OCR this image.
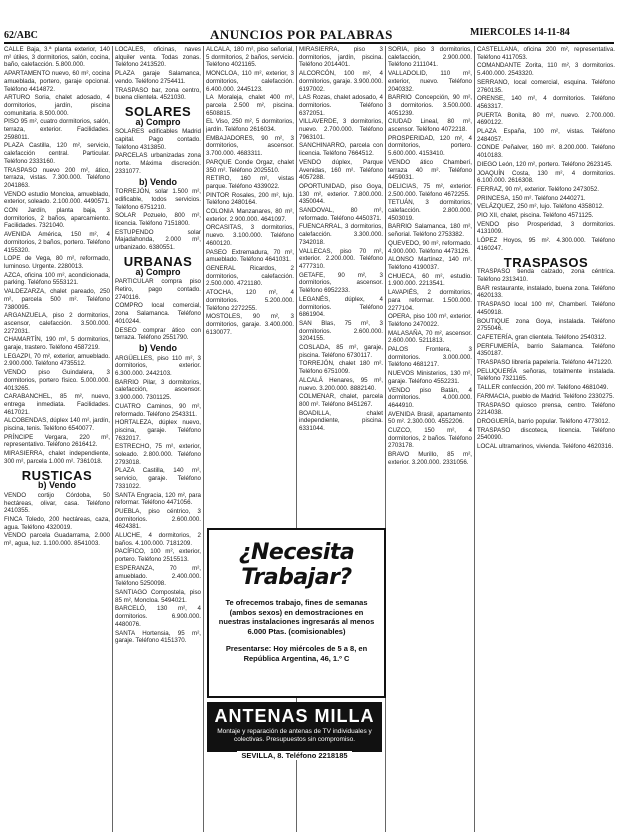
62/ABC	ANUNCIOS POR PALABRAS	MIERCOLES 14-11-84

CALLE Baja, 3.ª planta exterior, 140 m² útiles, 3 dormitorios, salón, cocina, baño, calefacción. 5.800.000.

APARTAMENTO nuevo, 60 m², cocina amueblada, portero, garaje opcional. Teléfono 4414872.

ARTURO Soria, chalet adosado, 4 dormitorios, jardín, piscina comunitaria. 8.500.000.

PISO 95 m², cuatro dormitorios, salón, terraza, exterior. Facilidades. 2598011.

PLAZA Castilla, 120 m², servicio, calefacción central. Particular. Teléfono 2333160.

TRASPASO nuevo 200 m², ático, terraza, vistas. 7.300.000. Teléfono 2041863.

VENDO estudio Moncloa, amueblado, exterior, soleado. 2.100.000. 4490571.

CON Jardín, planta baja, 3 dormitorios, 2 baños, aparcamiento. Facilidades. 7321040.

AVENIDA América, 150 m², 4 dormitorios, 2 baños, portero. Teléfono 4155320.

LOPE de Vega, 80 m², reformado, luminoso. Urgente. 2280013.

AZCA, oficina 100 m², acondicionada, parking. Teléfono 5553121.

VALDEZARZA, chalet pareado, 250 m², parcela 500 m². Teléfono 7380095.

ARGANZUELA, piso 2 dormitorios, ascensor, calefacción. 3.500.000. 2272031.

CHAMARTÍN, 190 m², 5 dormitorios, garaje, trastero. Teléfono 4587219.

LEGAZPI, 70 m², exterior, amueblado. 2.900.000. Teléfono 4735512.

VENDO piso Guindalera, 3 dormitorios, portero físico. 5.000.000. 4013265.

CARABANCHEL, 85 m², nuevo, entrega inmediata. Facilidades. 4617021.

ALCOBENDAS, dúplex 140 m², jardín, piscina, tenis. Teléfono 6540077.

PRÍNCIPE Vergara, 220 m², representativo. Teléfono 2616412.

MIRASIERRA, chalet independiente, 300 m², parcela 1.000 m². 7361018.

RUSTICAS
b) Vendo

VENDO cortijo Córdoba, 50 hectáreas, olivar, casa. Teléfono 2410355.

FINCA Toledo, 200 hectáreas, caza, agua. Teléfono 4320019.

VENDO parcela Guadarrama, 2.000 m², agua, luz. 1.100.000. 8541003.

LOCALES, oficinas, naves alquiler venta. Todas zonas. Teléfono 2413520.

PLAZA garaje Salamanca, vendo. Teléfono 2754411.

TRASPASO bar, zona centro, buena clientela. 4521030.

SOLARES
a) Compro

SOLARES edificables Madrid capital. Pago contado. Teléfono 4313850.

PARCELAS urbanizadas zona norte. Máxima discreción. 2331077.

b) Vendo

TORREJÓN, solar 1.500 m², edificable, todos servicios. Teléfono 6751210.

SOLAR Pozuelo, 800 m², licencia. Teléfono 7151800.

ESTUPENDO solar Majadahonda, 2.000 m², urbanizado. 6380551.

URBANAS
a) Compro

PARTICULAR compra piso Retiro, pago contado. 2740116.

COMPRO local comercial, zona Salamanca. Teléfono 4010244.

DESEO comprar ático con terraza. Teléfono 2551790.

b) Vendo

ARGÜELLES, piso 110 m², 3 dormitorios, exterior. 6.300.000. 2442103.

BARRIO Pilar, 3 dormitorios, calefacción, ascensor. 3.900.000. 7301125.

CUATRO Caminos, 90 m², reformado. Teléfono 2543311.

HORTALEZA, dúplex nuevo, piscina, garaje. Teléfono 7632017.

ESTRECHO, 75 m², exterior, soleado. 2.800.000. Teléfono 2793018.

PLAZA Castilla, 140 m², servicio, garaje. Teléfono 7331022.

SANTA Engracia, 120 m², para reformar. Teléfono 4471056.

PUEBLA, piso céntrico, 3 dormitorios. 2.600.000. 4624381.

ALUCHE, 4 dormitorios, 2 baños. 4.100.000. 7181209.

PACÍFICO, 100 m², exterior, portero. Teléfono 2515513.

ESPERANZA, 70 m², amueblado. 2.400.000. Teléfono 5250098.

SANTIAGO Compostela, piso 85 m², Moncloa. 5494021.

BARCELÓ, 130 m², 4 dormitorios. 6.900.000. 4480076.

SANTA Hortensia, 95 m², garaje. Teléfono 4151370.

ALCALÁ, 180 m², piso señorial, 5 dormitorios, 2 baños, servicio. Teléfono 4021165.

MONCLOA, 110 m², exterior, 3 dormitorios, calefacción. 6.400.000. 2445123.

LA Moraleja, chalet 400 m², parcela 2.500 m², piscina. 6508815.

EL Viso, 250 m², 5 dormitorios, jardín. Teléfono 2616034.

EMBAJADORES, 90 m², 3 dormitorios, ascensor. 3.700.000. 4683311.

PARQUE Conde Orgaz, chalet 350 m². Teléfono 2025510.

RETIRO, 160 m², vistas parque. Teléfono 4339022.

PINTOR Rosales, 200 m², lujo. Teléfono 2480164.

COLONIA Manzanares, 80 m², exterior. 2.900.000. 4641097.

ORCASITAS, 3 dormitorios, nuevo. 3.100.000. Teléfono 4600120.

PASEO Extremadura, 70 m², amueblado. Teléfono 4641031.

GENERAL Ricardos, 2 dormitorios, calefacción. 2.500.000. 4721180.

ATOCHA, 120 m², 4 dormitorios. 5.200.000. Teléfono 2272255.

MOSTOLES, 90 m², 3 dormitorios, garaje. 3.400.000. 6130077.

MIRASIERRA, piso 3 dormitorios, jardín, piscina. Teléfono 2014401.

ALCORCÓN, 100 m², 4 dormitorios, garaje. 3.900.000. 6197002.

LAS Rozas, chalet adosado, 4 dormitorios. Teléfono 6372051.

VILLAVERDE, 3 dormitorios, nuevo. 2.700.000. Teléfono 7963101.

SANCHINARRO, parcela con licencia. Teléfono 7664512.

VENDO dúplex, Parque Avenidas, 160 m². Teléfono 4057288.

OPORTUNIDAD, piso Goya, 130 m², exterior. 7.800.000. 4350044.

SANDOVAL, 80 m², reformado. Teléfono 4450371.

FUENCARRAL, 3 dormitorios, calefacción. 3.300.000. 7342018.

VALLECAS, piso 70 m², exterior. 2.200.000. Teléfono 4777310.

GETAFE, 90 m², 3 dormitorios, ascensor. Teléfono 6952233.

LEGANÉS, dúplex, 4 dormitorios. Teléfono 6861904.

SAN Blas, 75 m², 3 dormitorios. 2.600.000. 3204155.

COSLADA, 85 m², garaje, piscina. Teléfono 6730117.

TORREJÓN, chalet 180 m². Teléfono 6751009.

ALCALÁ Henares, 95 m², nuevo. 3.200.000. 8882140.

COLMENAR, chalet, parcela 800 m². Teléfono 8451267.

BOADILLA, chalet independiente, piscina. 6331044.

SORIA, piso 3 dormitorios, calefacción, 2.900.000. Teléfono 2111041.

VALLADOLID, 110 m², exterior, nuevo. Teléfono 2040332.

BARRIO Concepción, 90 m², 3 dormitorios. 3.500.000. 4051239.

CIUDAD Lineal, 80 m², ascensor. Teléfono 4072218.

PROSPERIDAD, 120 m², 4 dormitorios, portero. 5.600.000. 4153410.

VENDO ático Chamberí, terraza 40 m². Teléfono 4459031.

DELICIAS, 75 m², exterior. 2.500.000. Teléfono 4672255.

TETUÁN, 3 dormitorios, calefacción. 2.800.000. 4503019.

BARRIO Salamanca, 180 m², señorial. Teléfono 2753382.

QUEVEDO, 90 m², reformado. 4.900.000. Teléfono 4473126.

ALONSO Martínez, 140 m². Teléfono 4190037.

CHUECA, 60 m², estudio. 1.900.000. 2213541.

LAVAPIÉS, 2 dormitorios, para reformar. 1.500.000. 2277104.

OPERA, piso 100 m², exterior. Teléfono 2470022.

MALASAÑA, 70 m², ascensor. 2.600.000. 5211813.

PALOS Frontera, 3 dormitorios. 3.000.000. Teléfono 4681217.

NUEVOS Ministerios, 130 m², garaje. Teléfono 4552231.

VENDO piso Batán, 4 dormitorios. 4.000.000. 4644910.

AVENIDA Brasil, apartamento 50 m². 2.300.000. 4552206.

CUZCO, 150 m², 4 dormitorios, 2 baños. Teléfono 2703178.

BRAVO Murillo, 85 m², exterior. 3.200.000. 2331056.

CASTELLANA, oficina 200 m², representativa. Teléfono 4117053.

COMANDANTE Zorita, 110 m², 3 dormitorios. 5.400.000. 2543320.

SERRANO, local comercial, esquina. Teléfono 2760135.

ORENSE, 140 m², 4 dormitorios. Teléfono 4563317.

PUERTA Bonita, 80 m², nuevo. 2.700.000. 4690122.

PLAZA España, 100 m², vistas. Teléfono 2484057.

CONDE Peñalver, 160 m². 8.200.000. Teléfono 4010183.

DIEGO León, 120 m², portero. Teléfono 2623145.

JOAQUÍN Costa, 130 m², 4 dormitorios. 6.100.000. 2616308.

FERRAZ, 90 m², exterior. Teléfono 2473052.

PRINCESA, 150 m². Teléfono 2440271.

VELÁZQUEZ, 250 m², lujo. Teléfono 4358012.

PIO XII, chalet, piscina. Teléfono 4571125.

VENDO piso Prosperidad, 3 dormitorios. 4131009.

LÓPEZ Hoyos, 95 m². 4.300.000. Teléfono 4160247.

TRASPASOS

TRASPASO tienda calzado, zona céntrica. Teléfono 2313410.

BAR restaurante, instalado, buena zona. Teléfono 4620133.

TRASPASO local 100 m², Chamberí. Teléfono 4450918.

BOUTIQUE zona Goya, instalada. Teléfono 2755046.

CAFETERÍA, gran clientela. Teléfono 2540312.

PERFUMERÍA, barrio Salamanca. Teléfono 4350187.

TRASPASO librería papelería. Teléfono 4471220.

PELUQUERÍA señoras, totalmente instalada. Teléfono 7321165.

TALLER confección, 200 m². Teléfono 4681049.

FARMACIA, pueblo de Madrid. Teléfono 2330275.

TRASPASO quiosco prensa, centro. Teléfono 2214038.

DROGUERÍA, barrio popular. Teléfono 4773012.

TRASPASO discoteca, licencia. Teléfono 2540090.

LOCAL ultramarinos, vivienda. Teléfono 4620316.

¿Necesita Trabajar?
Te ofrecemos trabajo, fines de semanas (ambos sexos) en demostraciones en nuestras instalaciones ingresarás al menos 6.000 Ptas. (comisionables)
Presentarse: Hoy miércoles de 5 a 8, en República Argentina, 46, 1.º C
ANTENAS MILLA
Montaje y reparación de antenas de TV individuales y colectivas. Presupuestos sin compromiso.
SEVILLA, 8. Teléfono 2218185
